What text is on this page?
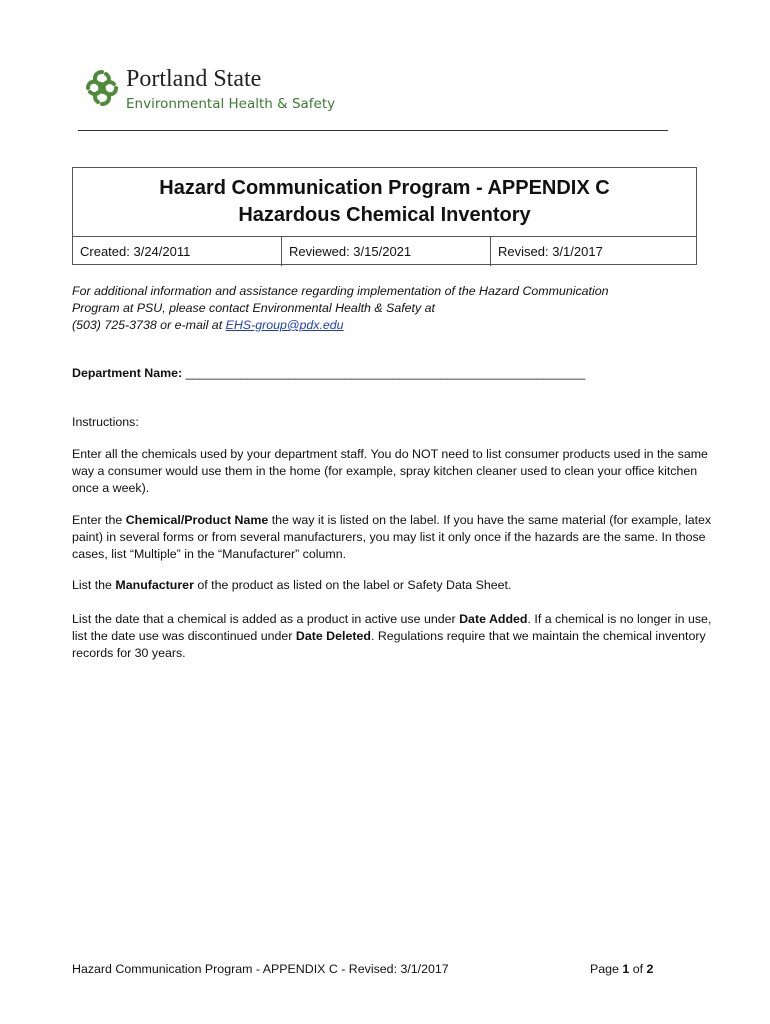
Portland State
Environmental Health & Safety
Hazard Communication Program - APPENDIX C
Hazardous Chemical Inventory
Created: 3/24/2011	Reviewed: 3/15/2021	Revised: 3/1/2017
For additional information and assistance regarding implementation of the Hazard Communication
Program at PSU, please contact Environmental Health & Safety at
(503) 725-3738 or e-mail at EHS-group@pdx.edu
Department Name: __________________________________________________________
Instructions:
Enter all the chemicals used by your department staff. You do NOT need to list consumer products used in the same way a consumer would use them in the home (for example, spray kitchen cleaner used to clean your office kitchen once a week).
Enter the Chemical/Product Name the way it is listed on the label. If you have the same material (for example, latex paint) in several forms or from several manufacturers, you may list it only once if the hazards are the same. In those cases, list “Multiple” in the “Manufacturer” column.
List the Manufacturer of the product as listed on the label or Safety Data Sheet.
List the date that a chemical is added as a product in active use under Date Added. If a chemical is no longer in use, list the date use was discontinued under Date Deleted. Regulations require that we maintain the chemical inventory records for 30 years.
Hazard Communication Program - APPENDIX C - Revised: 3/1/2017	Page 1 of 2
